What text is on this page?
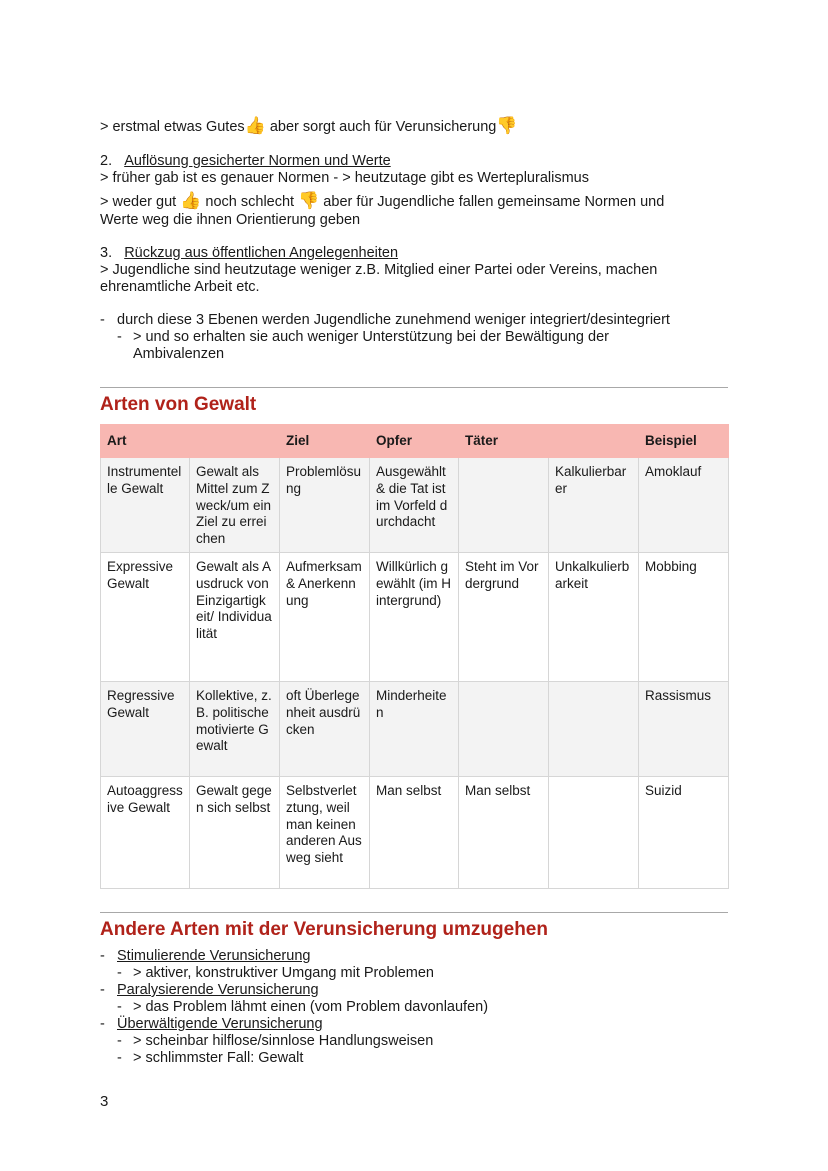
> erstmal etwas Gutes👍 aber sorgt auch für Verunsicherung👎
2. Auflösung gesicherter Normen und Werte
> früher gab ist es genauer Normen - > heutzutage gibt es Wertepluralismus
> weder gut 👍 noch schlecht 👎 aber für Jugendliche fallen gemeinsame Normen und
Werte weg die ihnen Orientierung geben
3. Rückzug aus öffentlichen Angelegenheiten
> Jugendliche sind heutzutage weniger z.B. Mitglied einer Partei oder Vereins, machen
ehrenamtliche Arbeit etc.
- durch diese 3 Ebenen werden Jugendliche zunehmend weniger integriert/desintegriert
- > und so erhalten sie auch weniger Unterstützung bei der Bewältigung der
Ambivalenzen
Arten von Gewalt
Art		Ziel	Opfer	Täter		Beispiel
Instrumentelle Gewalt	Gewalt als Mittel zum Zweck/um ein Ziel zu erreichen	Problemlösung	Ausgewählt & die Tat ist im Vorfeld durchdacht		Kalkulierbarer	Amoklauf
Expressive Gewalt	Gewalt als Ausdruck von Einzigartigkeit/ Individualität	Aufmerksam & Anerkennung	Willkürlich gewählt (im Hintergrund)	Steht im Vordergrund	Unkalkulierbarkeit	Mobbing
Regressive Gewalt	Kollektive, z.B. politische motivierte Gewalt	oft Überlegenheit ausdrücken	Minderheiten			Rassismus
Autoaggressive Gewalt	Gewalt gegen sich selbst	Selbstverletztung, weil man keinen anderen Ausweg sieht	Man selbst	Man selbst		Suizid
Andere Arten mit der Verunsicherung umzugehen
- Stimulierende Verunsicherung
- > aktiver, konstruktiver Umgang mit Problemen
- Paralysierende Verunsicherung
- > das Problem lähmt einen (vom Problem davonlaufen)
- Überwältigende Verunsicherung
- > scheinbar hilflose/sinnlose Handlungsweisen
- > schlimmster Fall: Gewalt
3
